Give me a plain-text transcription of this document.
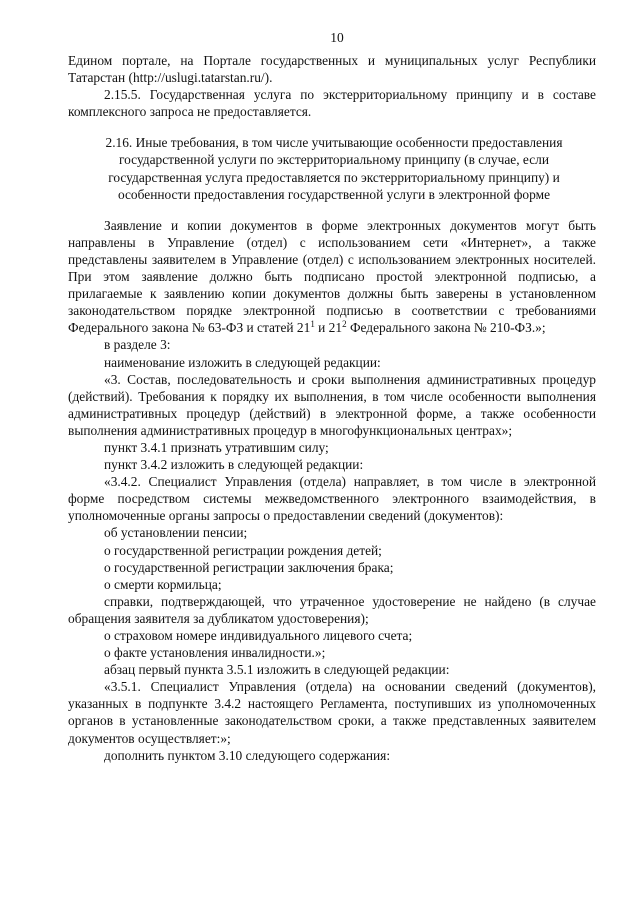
10

Едином портале, на Портале государственных и муниципальных услуг Республики Татарстан (http://uslugi.tatarstan.ru/).

2.15.5. Государственная услуга по экстерриториальному принципу и в составе комплексного запроса не предоставляется.

2.16. Иные требования, в том числе учитывающие особенности предоставления государственной услуги по экстерриториальному принципу (в случае, если государственная услуга предоставляется по экстерриториальному принципу) и особенности предоставления государственной услуги в электронной форме

Заявление и копии документов в форме электронных документов могут быть направлены в Управление (отдел) с использованием сети «Интернет», а также представлены заявителем в Управление (отдел) с использованием электронных носителей. При этом заявление должно быть подписано простой электронной подписью, а прилагаемые к заявлению копии документов должны быть заверены в установленном законодательством порядке электронной подписью в соответствии с требованиями Федерального закона № 63-ФЗ и статей $21^1$ и $21^2$ Федерального закона № 210-ФЗ.»;

в разделе 3:

наименование изложить в следующей редакции:

«3. Состав, последовательность и сроки выполнения административных процедур (действий). Требования к порядку их выполнения, в том числе особенности выполнения административных процедур (действий) в электронной форме, а также особенности выполнения административных процедур в многофункциональных центрах»;

пункт 3.4.1 признать утратившим силу;

пункт 3.4.2 изложить в следующей редакции:

«3.4.2. Специалист Управления (отдела) направляет, в том числе в электронной форме посредством системы межведомственного электронного взаимодействия, в уполномоченные органы запросы о предоставлении сведений (документов):

об установлении пенсии;

о государственной регистрации рождения детей;

о государственной регистрации заключения брака;

о смерти кормильца;

справки, подтверждающей, что утраченное удостоверение не найдено (в случае обращения заявителя за дубликатом удостоверения);

о страховом номере индивидуального лицевого счета;

о факте установления инвалидности.»;

абзац первый пункта 3.5.1 изложить в следующей редакции:

«3.5.1. Специалист Управления (отдела) на основании сведений (документов), указанных в подпункте 3.4.2 настоящего Регламента, поступивших из уполномоченных органов в установленные законодательством сроки, а также представленных заявителем документов осуществляет:»;

дополнить пунктом 3.10 следующего содержания:
